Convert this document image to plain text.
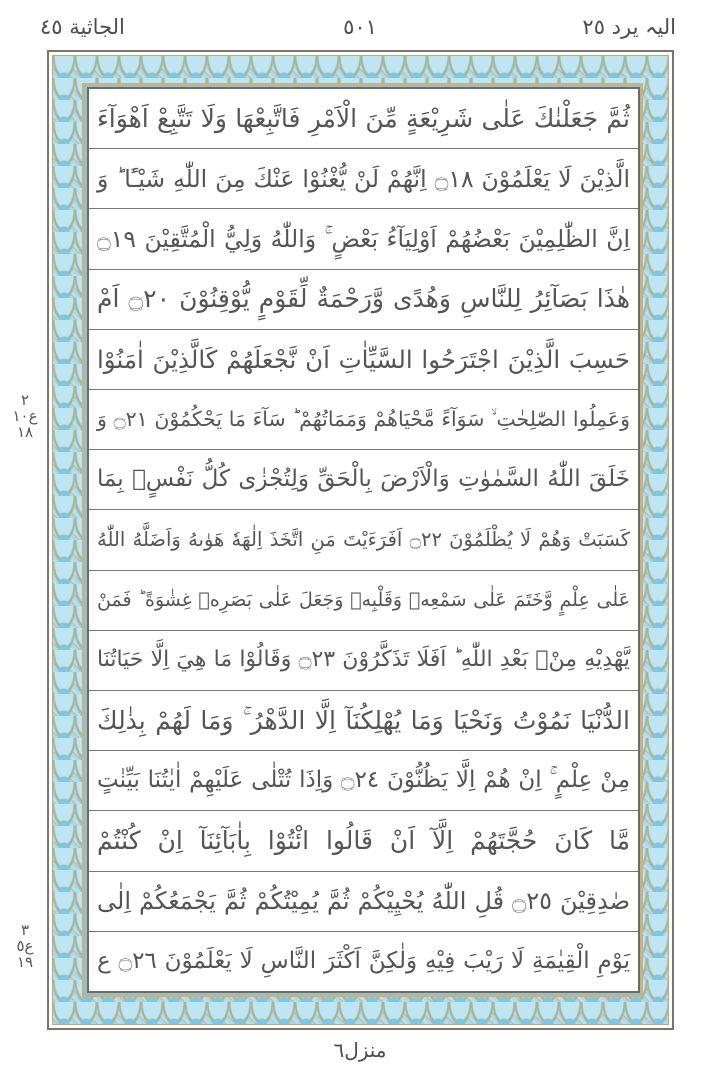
الیہ یرد ٢٥
٥٠١
الجاثیة ٤٥
ثُمَّ جَعَلْنٰكَ عَلٰى شَرِيْعَةٍ مِّنَ الْاَمْرِ فَاتَّبِعْهَا وَلَا تَتَّبِعْ اَهْوَآءَ
الَّذِيْنَ لَا يَعْلَمُوْنَ ۝١٨ اِنَّهُمْ لَنْ يُّغْنُوْا عَنْكَ مِنَ اللّٰهِ شَيْـًٔا ؕ وَ
اِنَّ الظّٰلِمِيْنَ بَعْضُهُمْ اَوْلِيَآءُ بَعْضٍ ۚ وَاللّٰهُ وَلِيُّ الْمُتَّقِيْنَ ۝١٩
هٰذَا بَصَآئِرُ لِلنَّاسِ وَهُدًى وَّرَحْمَةٌ لِّقَوْمٍ يُّوْقِنُوْنَ ۝٢٠ اَمْ
حَسِبَ الَّذِيْنَ اجْتَرَحُوا السَّيِّاٰتِ اَنْ نَّجْعَلَهُمْ كَالَّذِيْنَ اٰمَنُوْا
وَعَمِلُوا الصّٰلِحٰتِ ۙ سَوَآءً مَّحْيَاهُمْ وَمَمَاتُهُمْ ؕ سَآءَ مَا يَحْكُمُوْنَ ۝٢١ وَ
خَلَقَ اللّٰهُ السَّمٰوٰتِ وَالْاَرْضَ بِالْحَقِّ وَلِتُجْزٰى كُلُّ نَفْسٍۢ بِمَا
كَسَبَتْ وَهُمْ لَا يُظْلَمُوْنَ ۝٢٢ اَفَرَءَيْتَ مَنِ اتَّخَذَ اِلٰهَهٗ هَوٰىهُ وَاَضَلَّهُ اللّٰهُ
عَلٰى عِلْمٍ وَّخَتَمَ عَلٰى سَمْعِهٖ وَقَلْبِهٖ وَجَعَلَ عَلٰى بَصَرِهٖ غِشٰوَةً ؕ فَمَنْ
يَّهْدِيْهِ مِنْۢ بَعْدِ اللّٰهِ ؕ اَفَلَا تَذَكَّرُوْنَ ۝٢٣ وَقَالُوْا مَا هِيَ اِلَّا حَيَاتُنَا
الدُّنْيَا نَمُوْتُ وَنَحْيَا وَمَا يُهْلِكُنَآ اِلَّا الدَّهْرُ ۚ وَمَا لَهُمْ بِذٰلِكَ
مِنْ عِلْمٍ ۚ اِنْ هُمْ اِلَّا يَظُنُّوْنَ ۝٢٤ وَاِذَا تُتْلٰى عَلَيْهِمْ اٰيٰتُنَا بَيِّنٰتٍ
مَّا كَانَ حُجَّتَهُمْ اِلَّآ اَنْ قَالُوا ائْتُوْا بِاٰبَآئِنَآ اِنْ كُنْتُمْ
صٰدِقِيْنَ ۝٢٥ قُلِ اللّٰهُ يُحْيِيْكُمْ ثُمَّ يُمِيْتُكُمْ ثُمَّ يَجْمَعُكُمْ اِلٰى
يَوْمِ الْقِيٰمَةِ لَا رَيْبَ فِيْهِ وَلٰكِنَّ اَكْثَرَ النَّاسِ لَا يَعْلَمُوْنَ ۝٢٦ ع
٢
ع١٠
١٨
٣
ع٥
١٩
منزل٦
